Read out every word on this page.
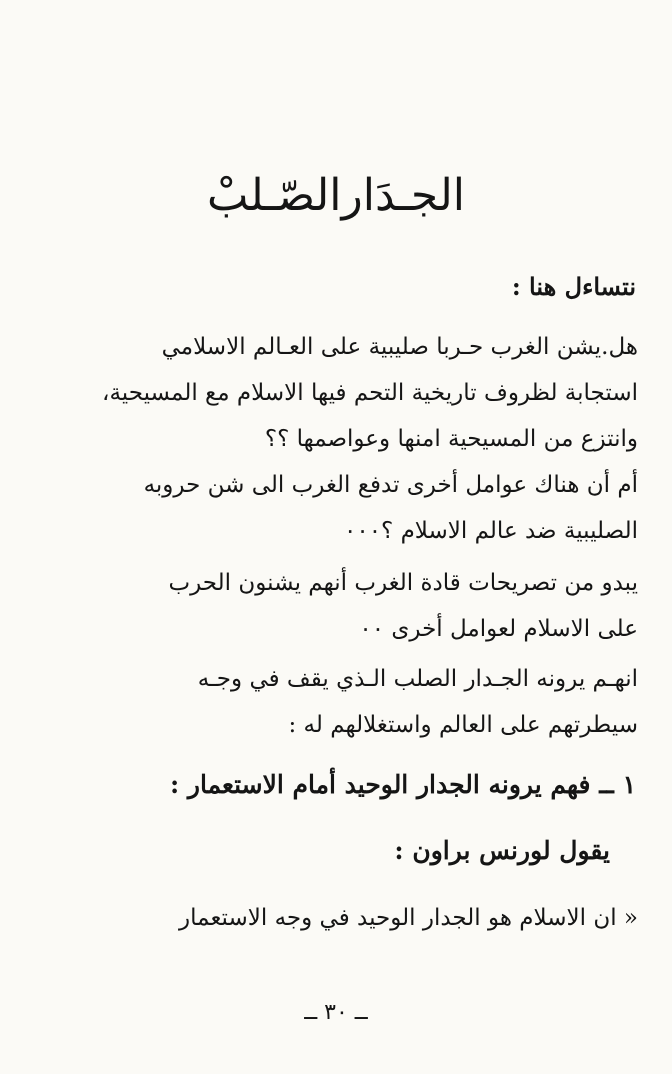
الجـدَارالصّـلبْ
نتساءل هنا :
هل.يشن الغرب حـربا صليبية على العـالم الاسلامي
استجابة لظروف تاريخية التحم فيها الاسلام مع المسيحية،
وانتزع من المسيحية امنها وعواصمها ؟؟
أم أن هناك عوامل أخرى تدفع الغرب الى شن حروبه
الصليبية ضد عالم الاسلام ؟٠٠٠
يبدو من تصريحات قادة الغرب أنهم يشنون الحرب
على الاسلام لعوامل أخرى ٠٠
انهـم يرونه الجـدار الصلب الـذي يقف في وجـه
سيطرتهم على العالم واستغلالهم له :
١ ــ فهم يرونه الجدار الوحيد أمام الاستعمار :
يقول لورنس براون :
« ان الاسلام هو الجدار الوحيد في وجه الاستعمار
ــ ٣٠ ــ
